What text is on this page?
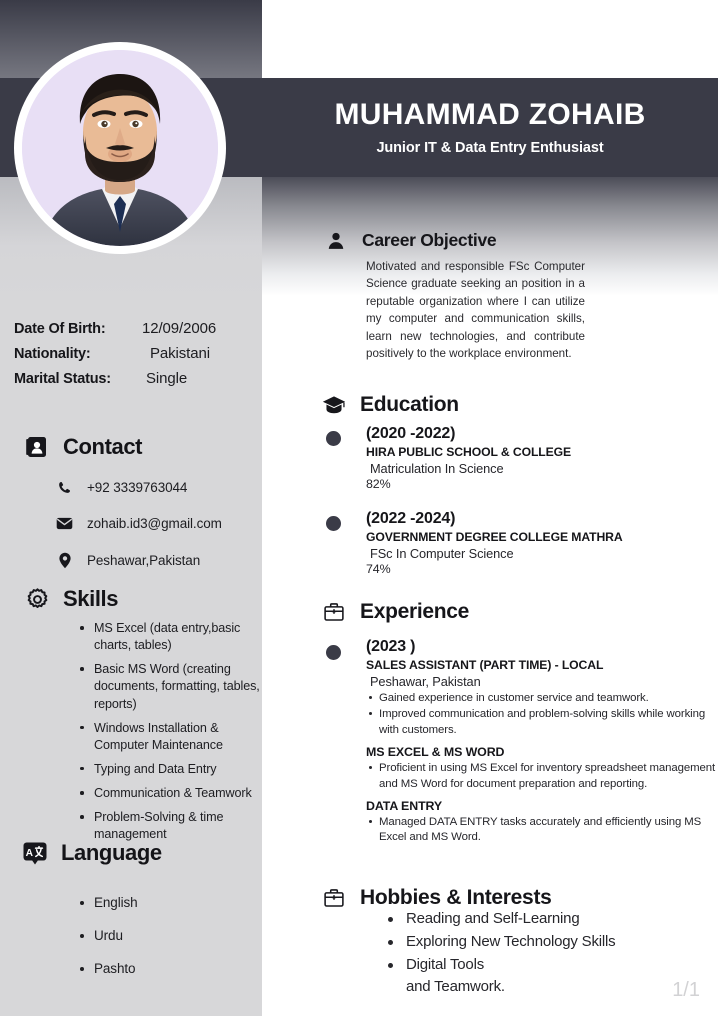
MUHAMMAD ZOHAIB
Junior IT & Data Entry Enthusiast
Date Of Birth:	12/09/2006
Nationality:	Pakistani
Marital Status:	Single
Contact
+92 3339763044
zohaib.id3@gmail.com
Peshawar,Pakistan
Skills
MS Excel (data entry,basic charts, tables)
Basic MS Word (creating documents, formatting, tables, reports)
Windows Installation & Computer Maintenance
Typing and Data Entry
Communication & Teamwork
Problem-Solving & time management
A Language
English
Urdu
Pashto
Career Objective
Motivated and responsible FSc Computer Science graduate seeking an position in a reputable organization where I can utilize my computer and communication skills, learn new technologies, and contribute positively to the workplace environment.
Education
(2020 -2022)
HIRA PUBLIC SCHOOL & COLLEGE
Matriculation In Science
82%
(2022 -2024)
GOVERNMENT DEGREE COLLEGE MATHRA
FSc In Computer Science
74%
Experience
(2023 )
SALES ASSISTANT (PART TIME) - LOCAL
Peshawar, Pakistan
Gained experience in customer service and teamwork.
Improved communication and problem-solving skills while working with customers.
MS EXCEL & MS WORD
Proficient in using MS Excel for inventory spreadsheet management and MS Word for document preparation and reporting.
DATA ENTRY
Managed DATA ENTRY tasks accurately and efficiently using MS Excel and MS Word.
Hobbies & Interests
Reading and Self-Learning
Exploring New Technology Skills
Digital Tools
and Teamwork.	1/1
